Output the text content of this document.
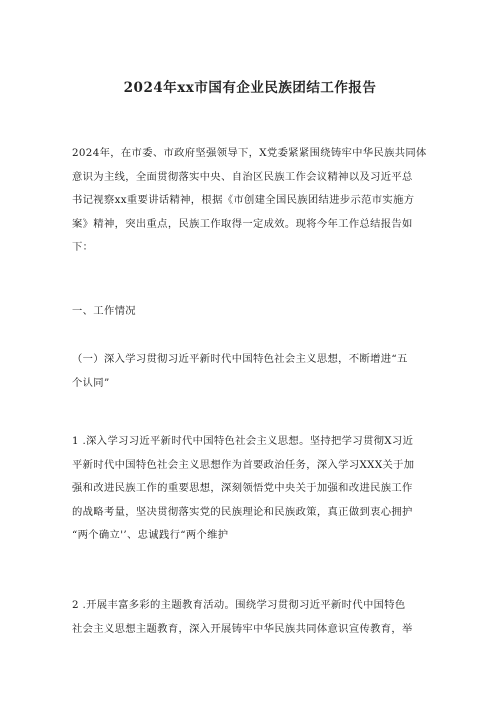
2024年xx市国有企业民族团结工作报告
2024年，在市委、市政府坚强领导下，X党委紧紧围绕铸牢中华民族共同体
意识为主线，全面贯彻落实中央、自治区民族工作会议精神以及习近平总
书记视察xx重要讲话精神，根据《市创建全国民族团结进步示范市实施方
案》精神，突出重点，民族工作取得一定成效。现将今年工作总结报告如
下：
一、工作情况
（一）深入学习贯彻习近平新时代中国特色社会主义思想，不断增进“五
个认同”
1 .深入学习习近平新时代中国特色社会主义思想。坚持把学习贯彻X习近
平新时代中国特色社会主义思想作为首要政治任务，深入学习XXX关于加
强和改进民族工作的重要思想，深刻领悟党中央关于加强和改进民族工作
的战略考量，坚决贯彻落实党的民族理论和民族政策，真正做到衷心拥护
“两个确立'’、忠诚践行“两个维护
2 .开展丰富多彩的主题教育活动。围绕学习贯彻习近平新时代中国特色
社会主义思想主题教育，深入开展铸牢中华民族共同体意识宣传教育，举
